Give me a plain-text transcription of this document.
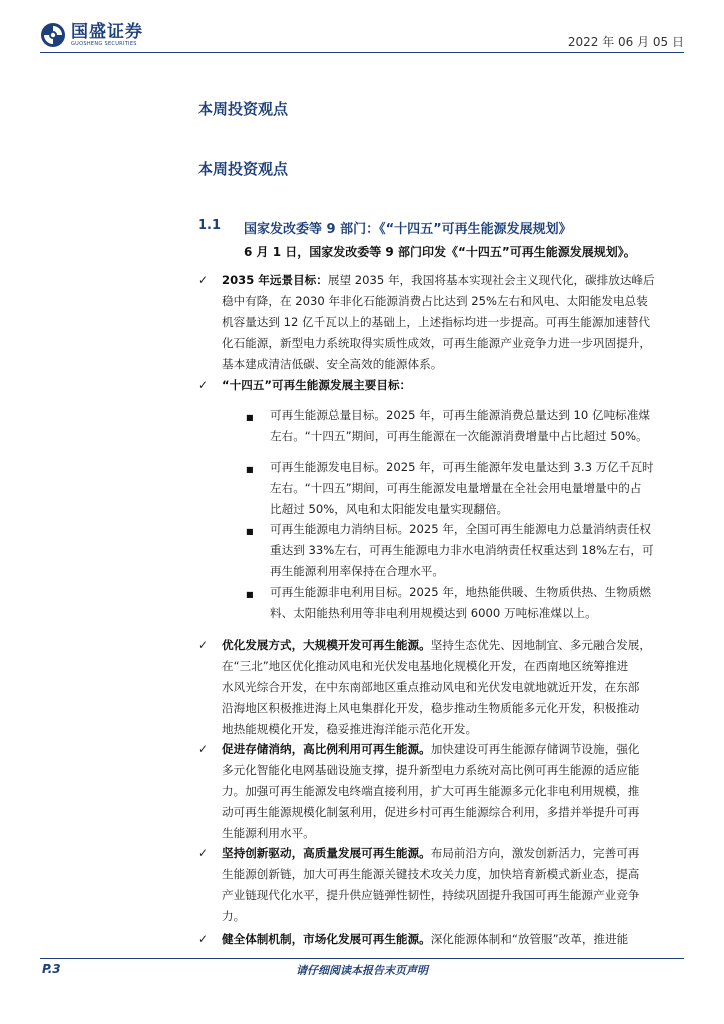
国盛证券
GUOSHENG SECURITIES	2022 年 06 月 05 日
本周投资观点
本周投资观点
1.1 国家发改委等 9 部门：《“十四五”可再生能源发展规划》
6 月 1 日，国家发改委等 9 部门印发《“十四五”可再生能源发展规划》。
✓ 2035 年远景目标：展望 2035 年，我国将基本实现社会主义现代化，碳排放达峰后
稳中有降，在 2030 年非化石能源消费占比达到 25%左右和风电、太阳能发电总装
机容量达到 12 亿千瓦以上的基础上，上述指标均进一步提高。可再生能源加速替代
化石能源，新型电力系统取得实质性成效，可再生能源产业竞争力进一步巩固提升，
基本建成清洁低碳、安全高效的能源体系。
✓ “十四五”可再生能源发展主要目标：
■ 可再生能源总量目标。2025 年，可再生能源消费总量达到 10 亿吨标准煤
左右。“十四五”期间，可再生能源在一次能源消费增量中占比超过 50%。
■ 可再生能源发电目标。2025 年，可再生能源年发电量达到 3.3 万亿千瓦时
左右。“十四五”期间，可再生能源发电量增量在全社会用电量增量中的占
比超过 50%，风电和太阳能发电量实现翻倍。
■ 可再生能源电力消纳目标。2025 年，全国可再生能源电力总量消纳责任权
重达到 33%左右，可再生能源电力非水电消纳责任权重达到 18%左右，可
再生能源利用率保持在合理水平。
■ 可再生能源非电利用目标。2025 年，地热能供暖、生物质供热、生物质燃
料、太阳能热利用等非电利用规模达到 6000 万吨标准煤以上。
✓ 优化发展方式，大规模开发可再生能源。坚持生态优先、因地制宜、多元融合发展，
在“三北”地区优化推动风电和光伏发电基地化规模化开发，在西南地区统筹推进
水风光综合开发，在中东南部地区重点推动风电和光伏发电就地就近开发，在东部
沿海地区积极推进海上风电集群化开发，稳步推动生物质能多元化开发，积极推动
地热能规模化开发，稳妥推进海洋能示范化开发。
✓ 促进存储消纳，高比例利用可再生能源。加快建设可再生能源存储调节设施，强化
多元化智能化电网基础设施支撑，提升新型电力系统对高比例可再生能源的适应能
力。加强可再生能源发电终端直接利用，扩大可再生能源多元化非电利用规模，推
动可再生能源规模化制氢利用，促进乡村可再生能源综合利用，多措并举提升可再
生能源利用水平。
✓ 坚持创新驱动，高质量发展可再生能源。布局前沿方向，激发创新活力，完善可再
生能源创新链，加大可再生能源关键技术攻关力度，加快培育新模式新业态，提高
产业链现代化水平，提升供应链弹性韧性，持续巩固提升我国可再生能源产业竞争
力。
✓ 健全体制机制，市场化发展可再生能源。深化能源体制和“放管服”改革，推进能
P.3	请仔细阅读本报告末页声明
